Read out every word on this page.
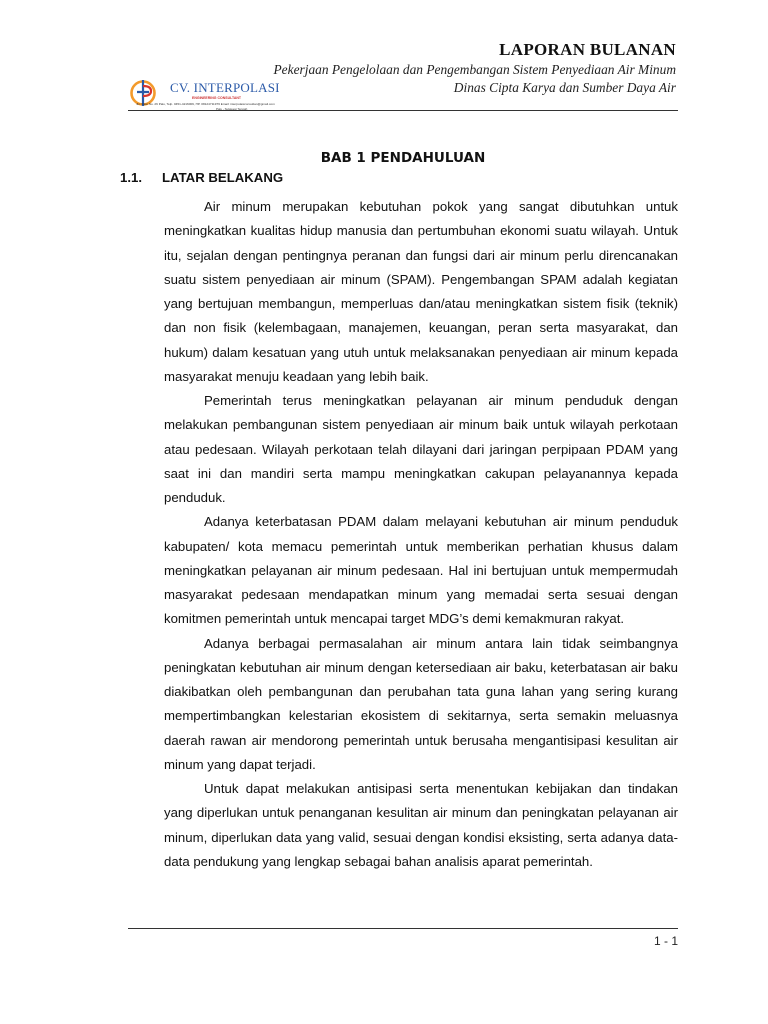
LAPORAN BULANAN
Pekerjaan Pengelolaan dan Pengembangan Sistem Penyediaan Air Minum
Dinas Cipta Karya dan Sumber Daya Air
CV. INTERPOLASI
ENGINEERING CONSULTANT
Jln. Rasi No. 26 Palu, Telp. 0451-4216009, HP. 08124711976 Email: interpolasiconsultan@gmail.com
Palu - Sulawesi Tengah
BAB 1 PENDAHULUAN
1.1. LATAR BELAKANG

Air minum merupakan kebutuhan pokok yang sangat dibutuhkan untuk meningkatkan kualitas hidup manusia dan pertumbuhan ekonomi suatu wilayah. Untuk itu, sejalan dengan pentingnya peranan dan fungsi dari air minum perlu direncanakan suatu sistem penyediaan air minum (SPAM). Pengembangan SPAM adalah kegiatan yang bertujuan membangun, memperluas dan/atau meningkatkan sistem fisik (teknik) dan non fisik (kelembagaan, manajemen, keuangan, peran serta masyarakat, dan hukum) dalam kesatuan yang utuh untuk melaksanakan penyediaan air minum kepada masyarakat menuju keadaan yang lebih baik.

Pemerintah terus meningkatkan pelayanan air minum penduduk dengan melakukan pembangunan sistem penyediaan air minum baik untuk wilayah perkotaan atau pedesaan. Wilayah perkotaan telah dilayani dari jaringan perpipaan PDAM yang saat ini dan mandiri serta mampu meningkatkan cakupan pelayanannya kepada penduduk.

Adanya keterbatasan PDAM dalam melayani kebutuhan air minum penduduk kabupaten/ kota memacu pemerintah untuk memberikan perhatian khusus dalam meningkatkan pelayanan air minum pedesaan. Hal ini bertujuan untuk mempermudah masyarakat pedesaan mendapatkan minum yang memadai serta sesuai dengan komitmen pemerintah untuk mencapai target MDG’s demi kemakmuran rakyat.

Adanya berbagai permasalahan air minum antara lain tidak seimbangnya peningkatan kebutuhan air minum dengan ketersediaan air baku, keterbatasan air baku diakibatkan oleh pembangunan dan perubahan tata guna lahan yang sering kurang mempertimbangkan kelestarian ekosistem di sekitarnya, serta semakin meluasnya daerah rawan air mendorong pemerintah untuk berusaha mengantisipasi kesulitan air minum yang dapat terjadi.

Untuk dapat melakukan antisipasi serta menentukan kebijakan dan tindakan yang diperlukan untuk penanganan kesulitan air minum dan peningkatan pelayanan air minum, diperlukan data yang valid, sesuai dengan kondisi eksisting, serta adanya data-data pendukung yang lengkap sebagai bahan analisis aparat pemerintah.

1 - 1
